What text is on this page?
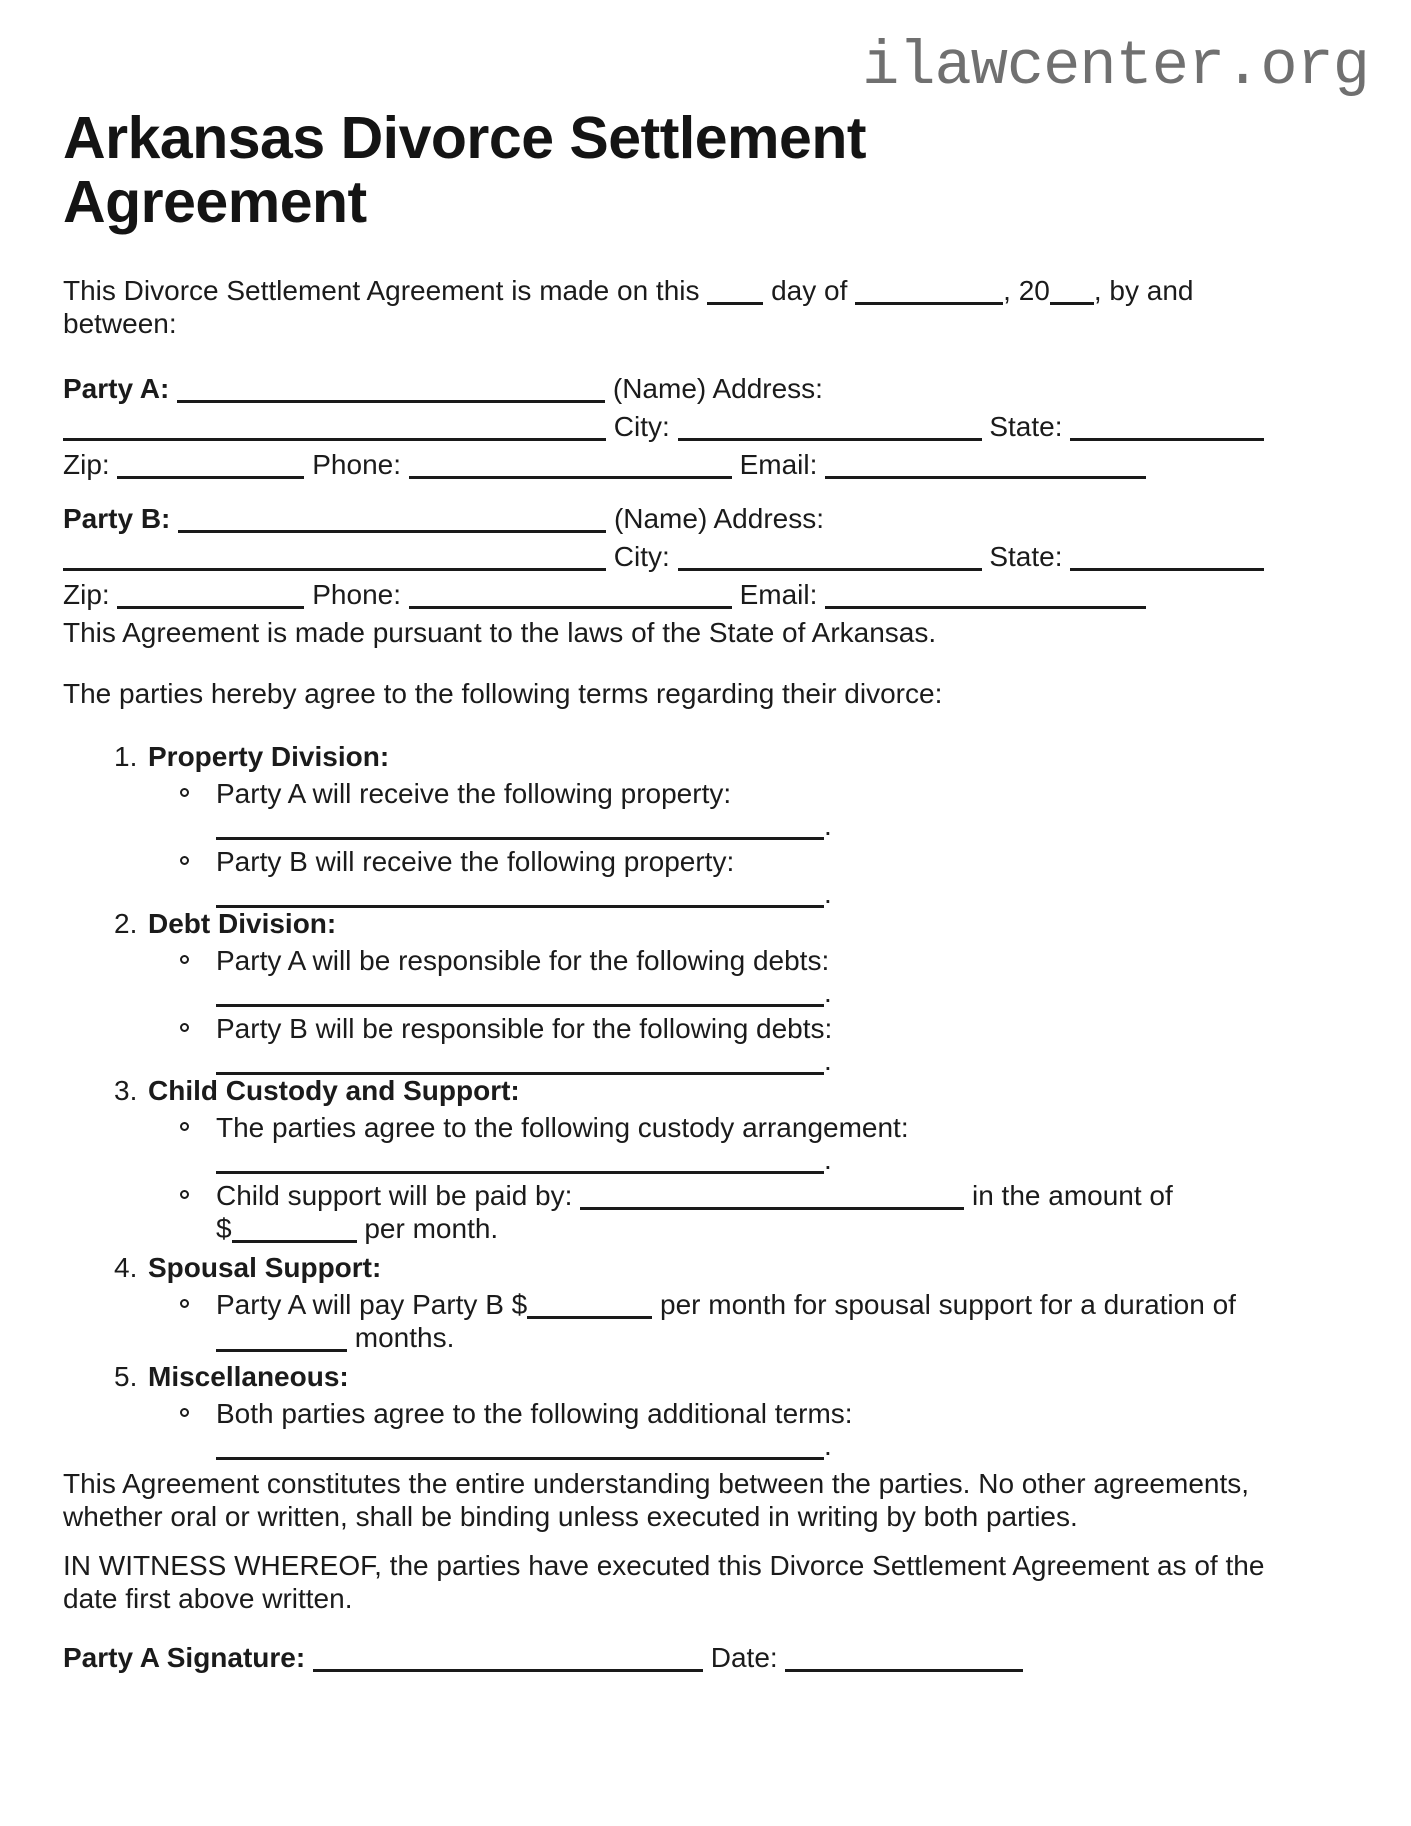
ilawcenter.org
Arkansas Divorce Settlement Agreement
This Divorce Settlement Agreement is made on this	day of	, 20 , by and
between:
Party A:	(Name) Address:
City:	State:
Zip:	Phone:	Email:
Party B:	(Name) Address:
City:	State:
Zip:	Phone:	Email:

This Agreement is made pursuant to the laws of the State of Arkansas.

The parties hereby agree to the following terms regarding their divorce:

1. Property Division:
Party A will receive the following property:
.
Party B will receive the following property:
.
2. Debt Division:
Party A will be responsible for the following debts:
.
Party B will be responsible for the following debts:
.
3. Child Custody and Support:
The parties agree to the following custody arrangement:
.
Child support will be paid by:	in the amount of $	per month.
4. Spousal Support:
Party A will pay Party B $	per month for spousal support for a duration of  months.
5. Miscellaneous:
Both parties agree to the following additional terms:
.

This Agreement constitutes the entire understanding between the parties. No other agreements, whether oral or written, shall be binding unless executed in writing by both parties.

IN WITNESS WHEREOF, the parties have executed this Divorce Settlement Agreement as of the date first above written.

Party A Signature:	Date:
